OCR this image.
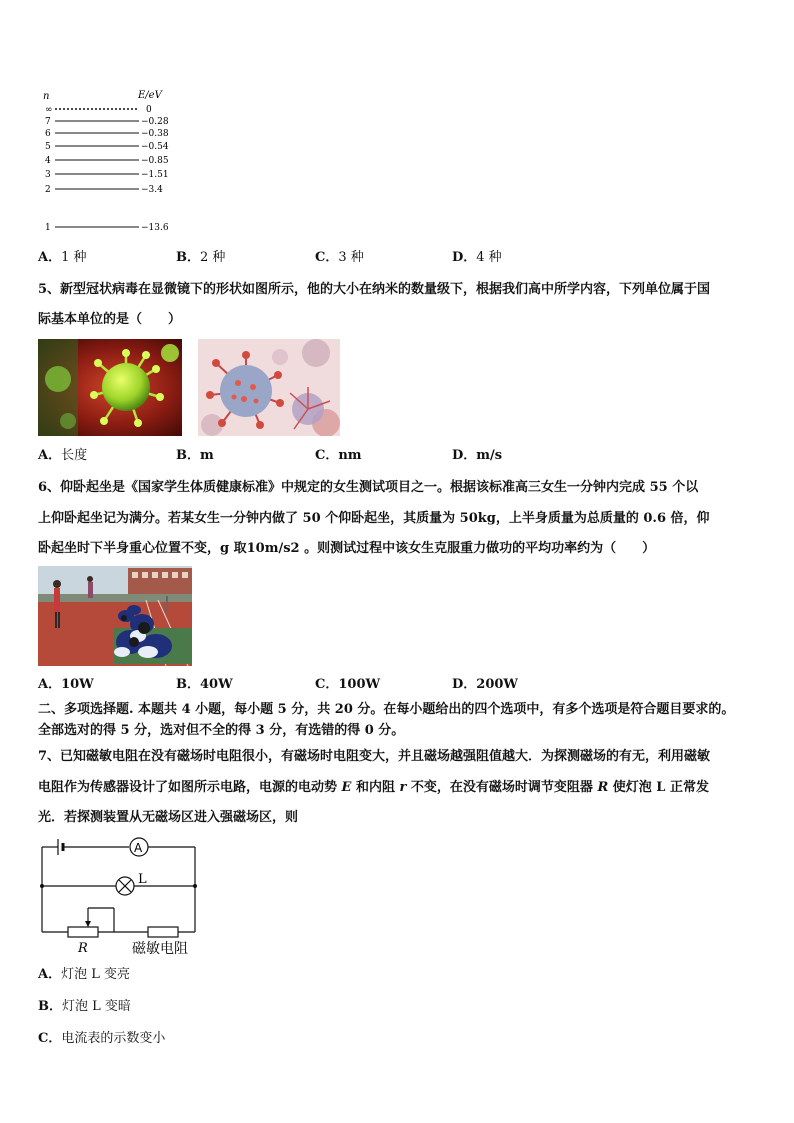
n	E/eV
∞	0
7	−0.28
6	−0.38
5	−0.54
4	−0.85
3	−1.51
2	−3.4
1	−13.6
A．1 种	B．2 种	C．3 种	D．4 种
5、新型冠状病毒在显微镜下的形状如图所示，他的大小在纳米的数量级下，根据我们高中所学内容，下列单位属于国
际基本单位的是（　　）
A．长度	B．m	C．nm	D．m/s
6、仰卧起坐是《国家学生体质健康标准》中规定的女生测试项目之一。根据该标准高三女生一分钟内完成 55 个以
上仰卧起坐记为满分。若某女生一分钟内做了 50 个仰卧起坐，其质量为 50kg，上半身质量为总质量的 0.6 倍，仰
卧起坐时下半身重心位置不变，g 取10m/s2 。则测试过程中该女生克服重力做功的平均功率约为（　　）
A．10W	B．40W	C．100W	D．200W
二、多项选择题. 本题共 4 小题，每小题 5 分，共 20 分。在每小题给出的四个选项中，有多个选项是符合题目要求的。
全部选对的得 5 分，选对但不全的得 3 分，有选错的得 0 分。
7、已知磁敏电阻在没有磁场时电阻很小，有磁场时电阻变大，并且磁场越强阻值越大．为探测磁场的有无，利用磁敏
电阻作为传感器设计了如图所示电路，电源的电动势 E 和内阻 r 不变，在没有磁场时调节变阻器 R 使灯泡 L 正常发
光．若探测装置从无磁场区进入强磁场区，则
A
L
R	磁敏电阻
A．灯泡 L 变亮
B．灯泡 L 变暗
C．电流表的示数变小
